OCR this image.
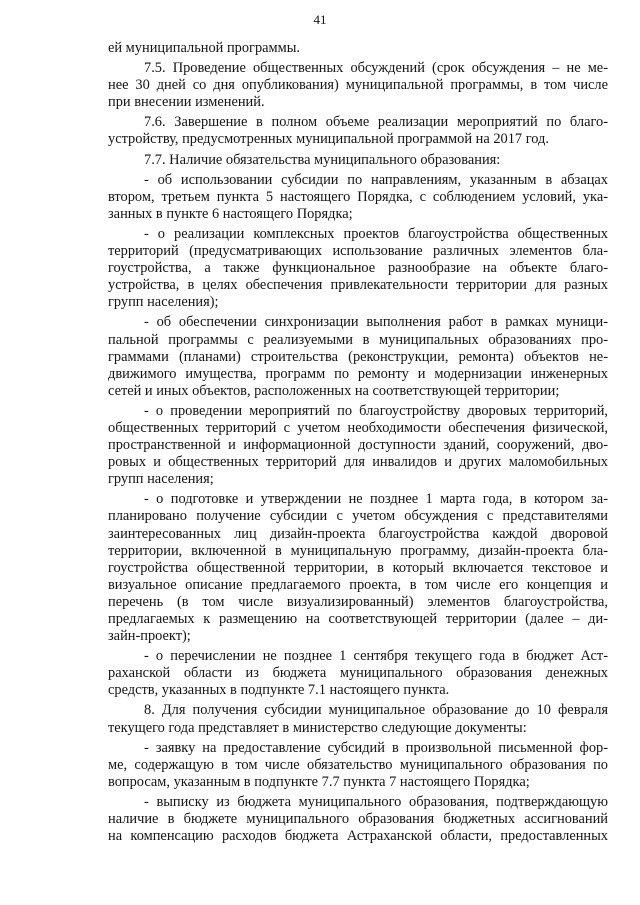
41
ей муниципальной программы.
7.5. Проведение общественных обсуждений (срок обсуждения – не ме-
нее 30 дней со дня опубликования) муниципальной программы, в том числе
при внесении изменений.
7.6. Завершение в полном объеме реализации мероприятий по благо-
устройству, предусмотренных муниципальной программой на 2017 год.
7.7. Наличие обязательства муниципального образования:
- об использовании субсидии по направлениям, указанным в абзацах
втором, третьем пункта 5 настоящего Порядка, с соблюдением условий, ука-
занных в пункте 6 настоящего Порядка;
- о реализации комплексных проектов благоустройства общественных
территорий (предусматривающих использование различных элементов бла-
гоустройства, а также функциональное разнообразие на объекте благо-
устройства, в целях обеспечения привлекательности территории для разных
групп населения);
- об обеспечении синхронизации выполнения работ в рамках муници-
пальной программы с реализуемыми в муниципальных образованиях про-
граммами (планами) строительства (реконструкции, ремонта) объектов не-
движимого имущества, программ по ремонту и модернизации инженерных
сетей и иных объектов, расположенных на соответствующей территории;
- о проведении мероприятий по благоустройству дворовых территорий,
общественных территорий с учетом необходимости обеспечения физической,
пространственной и информационной доступности зданий, сооружений, дво-
ровых и общественных территорий для инвалидов и других маломобильных
групп населения;
- о подготовке и утверждении не позднее 1 марта года, в котором за-
планировано получение субсидии с учетом обсуждения с представителями
заинтересованных лиц дизайн-проекта благоустройства каждой дворовой
территории, включенной в муниципальную программу, дизайн-проекта бла-
гоустройства общественной территории, в который включается текстовое и
визуальное описание предлагаемого проекта, в том числе его концепция и
перечень (в том числе визуализированный) элементов благоустройства,
предлагаемых к размещению на соответствующей территории (далее – ди-
зайн-проект);
- о перечислении не позднее 1 сентября текущего года в бюджет Аст-
раханской области из бюджета муниципального образования денежных
средств, указанных в подпункте 7.1 настоящего пункта.
8. Для получения субсидии муниципальное образование до 10 февраля
текущего года представляет в министерство следующие документы:
- заявку на предоставление субсидий в произвольной письменной фор-
ме, содержащую в том числе обязательство муниципального образования по
вопросам, указанным в подпункте 7.7 пункта 7 настоящего Порядка;
- выписку из бюджета муниципального образования, подтверждающую
наличие в бюджете муниципального образования бюджетных ассигнований
на компенсацию расходов бюджета Астраханской области, предоставленных
